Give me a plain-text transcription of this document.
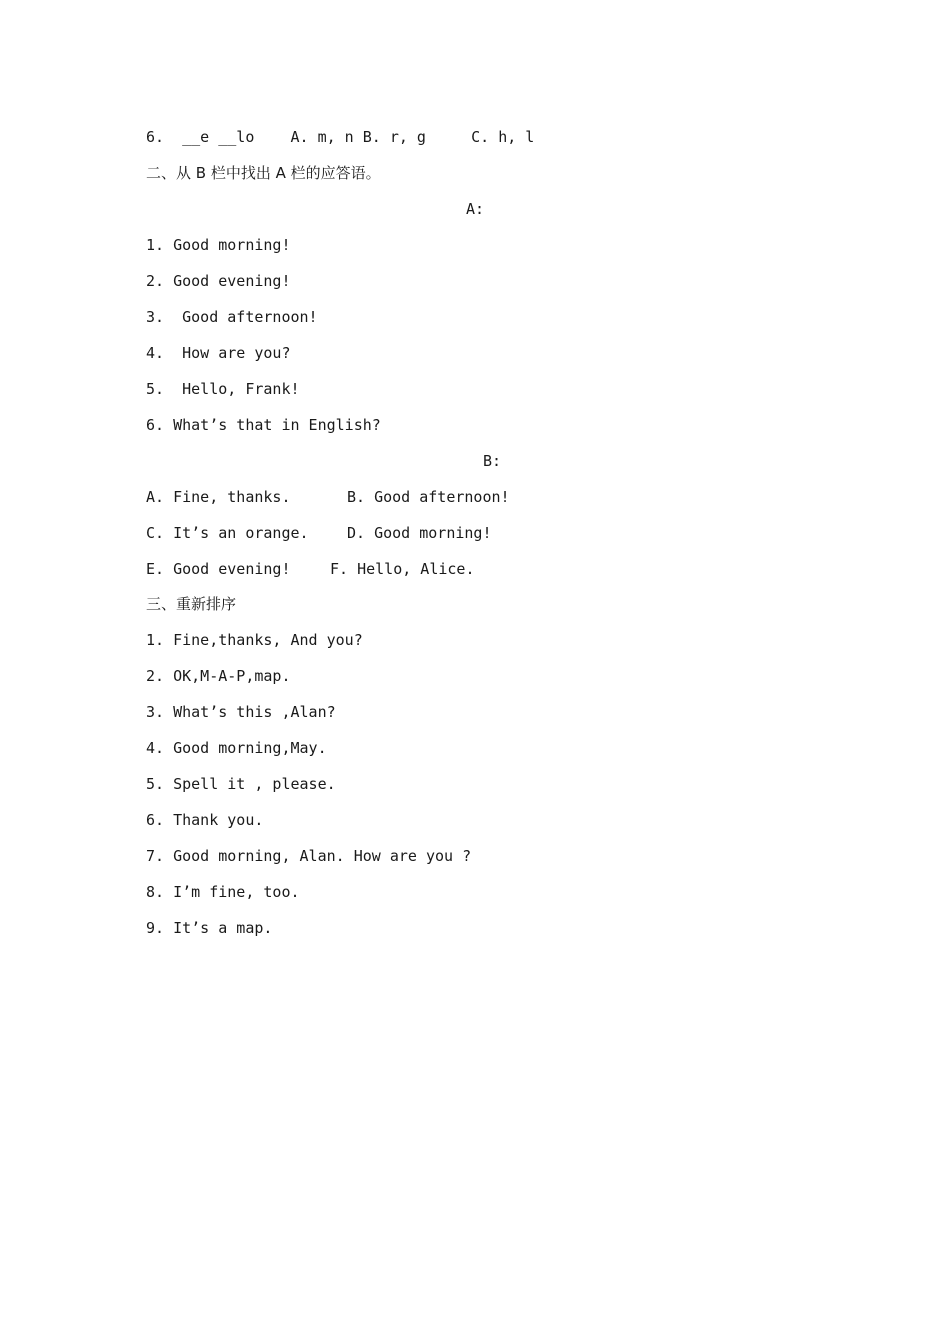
6.  __e __lo    A. m, n B. r, g     C. h, l
二、从 B 栏中找出 A 栏的应答语。
A:
1. Good morning!
2. Good evening!
3.  Good afternoon!
4.  How are you?
5.  Hello, Frank!
6. What’s that in English?
B:
A. Fine, thanks.	B. Good afternoon!
C. It’s an orange.	D. Good morning!
E. Good evening!	F. Hello, Alice.
三、重新排序
1. Fine,thanks, And you?
2. OK,M-A-P,map.
3. What’s this ,Alan?
4. Good morning,May.
5. Spell it , please.
6. Thank you.
7. Good morning, Alan. How are you ?
8. I’m fine, too.
9. It’s a map.
